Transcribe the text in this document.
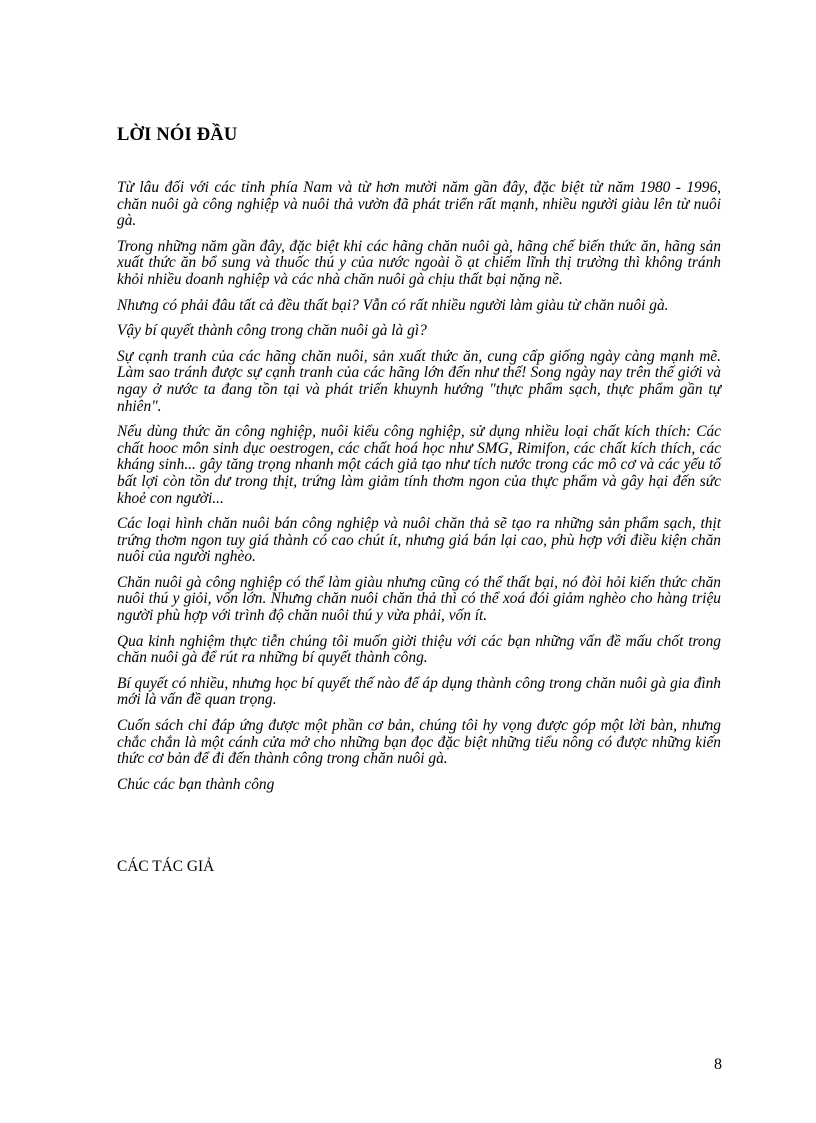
LỜI NÓI ĐẦU

Từ lâu đối với các tỉnh phía Nam và từ hơn mười năm gần đây, đặc biệt từ năm 1980 - 1996, chăn nuôi gà công nghiệp và nuôi thả vườn đã phát triển rất mạnh, nhiều người giàu lên từ nuôi gà.

Trong những năm gần đây, đặc biệt khi các hãng chăn nuôi gà, hãng chế biến thức ăn, hãng sản xuất thức ăn bổ sung và thuốc thú y của nước ngoài ồ ạt chiếm lĩnh thị trường thì không tránh khỏi nhiều doanh nghiệp và các nhà chăn nuôi gà chịu thất bại nặng nề.

Nhưng có phải đâu tất cả đều thất bại? Vẫn có rất nhiều người làm giàu từ chăn nuôi gà.

Vậy bí quyết thành công trong chăn nuôi gà là gì?

Sự cạnh tranh của các hãng chăn nuôi, sản xuất thức ăn, cung cấp giống ngày càng mạnh mẽ. Làm sao tránh được sự cạnh tranh của các hãng lớn đến như thế! Song ngày nay trên thế giới và ngay ở nước ta đang tồn tại và phát triển khuynh hướng "thực phẩm sạch, thực phẩm gần tự nhiên".

Nếu dùng thức ăn công nghiệp, nuôi kiểu công nghiệp, sử dụng nhiều loại chất kích thích: Các chất hooc môn sinh dục oestrogen, các chất hoá học như SMG, Rimifon, các chất kích thích, các kháng sinh... gây tăng trọng nhanh một cách giả tạo như tích nước trong các mô cơ và các yếu tố bất lợi còn tồn dư trong thịt, trứng làm giảm tính thơm ngon của thực phẩm và gây hại đến sức khoẻ con người...

Các loại hình chăn nuôi bán công nghiệp và nuôi chăn thả sẽ tạo ra những sản phẩm sạch, thịt trứng thơm ngon tuy giá thành có cao chút ít, nhưng giá bán lại cao, phù hợp với điều kiện chăn nuôi của người nghèo.

Chăn nuôi gà công nghiệp có thể làm giàu nhưng cũng có thể thất bại, nó đòi hỏi kiến thức chăn nuôi thú y giỏi, vốn lớn. Nhưng chăn nuôi chăn thả thì có thể xoá đói giảm nghèo cho hàng triệu người phù hợp với trình độ chăn nuôi thú y vừa phải, vốn ít.

Qua kinh nghiệm thực tiễn chúng tôi muốn giời thiệu với các bạn những vấn đề mấu chốt trong chăn nuôi gà để rút ra những bí quyết thành công.

Bí quyết có nhiều, nhưng học bí quyết thế nào để áp dụng thành công trong chăn nuôi gà gia đình mới là vấn đề quan trọng.

Cuốn sách chỉ đáp ứng được một phần cơ bản, chúng tôi hy vọng được góp một lời bàn, nhưng chắc chắn là một cánh cửa mở cho những bạn đọc đặc biệt những tiểu nông có được những kiến thức cơ bản để đi đến thành công trong chăn nuôi gà.

Chúc các bạn thành công

CÁC TÁC GIẢ

8
